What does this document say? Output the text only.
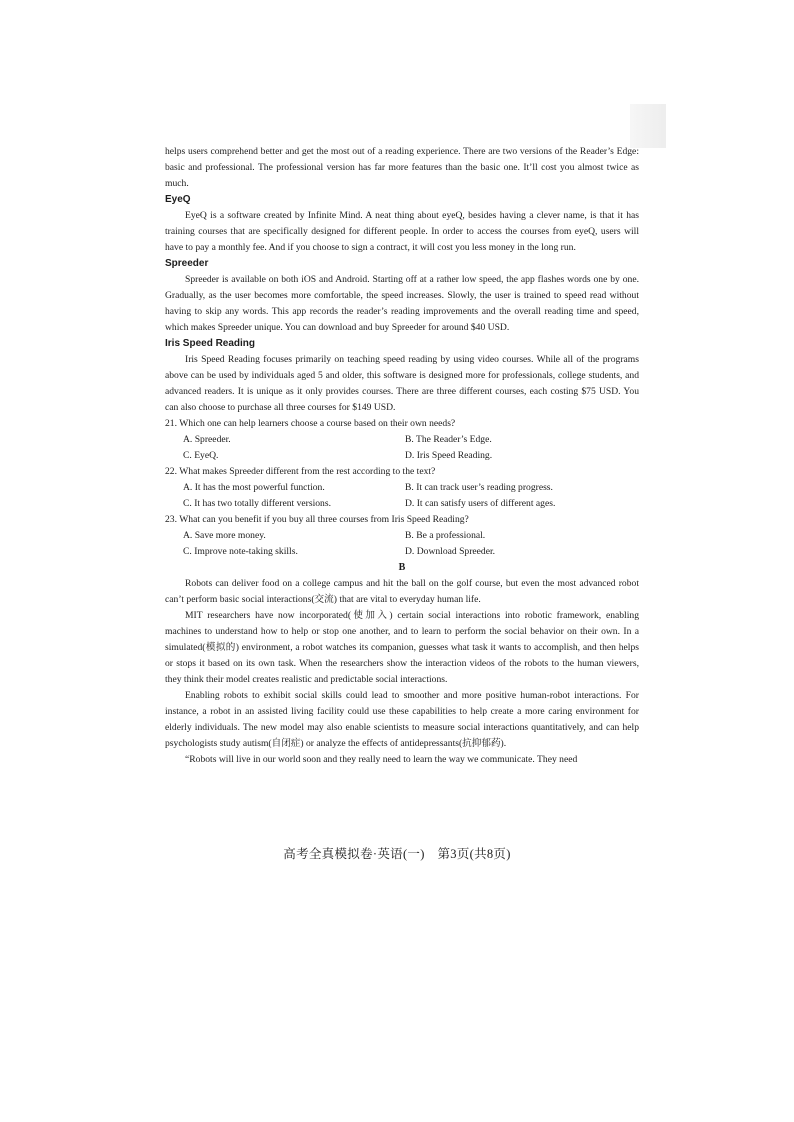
helps users comprehend better and get the most out of a reading experience. There are two versions of the Reader’s Edge: basic and professional. The professional version has far more features than the basic one. It’ll cost you almost twice as much.

EyeQ

EyeQ is a software created by Infinite Mind. A neat thing about eyeQ, besides having a clever name, is that it has training courses that are specifically designed for different people. In order to access the courses from eyeQ, users will have to pay a monthly fee. And if you choose to sign a contract, it will cost you less money in the long run.

Spreeder

Spreeder is available on both iOS and Android. Starting off at a rather low speed, the app flashes words one by one. Gradually, as the user becomes more comfortable, the speed increases. Slowly, the user is trained to speed read without having to skip any words. This app records the reader’s reading improvements and the overall reading time and speed, which makes Spreeder unique. You can download and buy Spreeder for around $40 USD.

Iris Speed Reading

Iris Speed Reading focuses primarily on teaching speed reading by using video courses. While all of the programs above can be used by individuals aged 5 and older, this software is designed more for professionals, college students, and advanced readers. It is unique as it only provides courses. There are three different courses, each costing $75 USD. You can also choose to purchase all three courses for $149 USD.

21. Which one can help learners choose a course based on their own needs?

A. Spreeder.	B. The Reader’s Edge.
C. EyeQ.	D. Iris Speed Reading.

22. What makes Spreeder different from the rest according to the text?

A. It has the most powerful function.	B. It can track user’s reading progress.
C. It has two totally different versions.	D. It can satisfy users of different ages.

23. What can you benefit if you buy all three courses from Iris Speed Reading?

A. Save more money.	B. Be a professional.
C. Improve note-taking skills.	D. Download Spreeder.
B

Robots can deliver food on a college campus and hit the ball on the golf course, but even the most advanced robot can’t perform basic social interactions(交流) that are vital to everyday human life.

MIT researchers have now incorporated(使加入) certain social interactions into robotic framework, enabling machines to understand how to help or stop one another, and to learn to perform the social behavior on their own. In a simulated(模拟的) environment, a robot watches its companion, guesses what task it wants to accomplish, and then helps or stops it based on its own task. When the researchers show the interaction videos of the robots to the human viewers, they think their model creates realistic and predictable social interactions.

Enabling robots to exhibit social skills could lead to smoother and more positive human-robot interactions. For instance, a robot in an assisted living facility could use these capabilities to help create a more caring environment for elderly individuals. The new model may also enable scientists to measure social interactions quantitatively, and can help psychologists study autism(自闭症) or analyze the effects of antidepressants(抗抑郁药).

“Robots will live in our world soon and they really need to learn the way we communicate. They need

高考全真模拟卷·英语(一)　第3页(共8页)
